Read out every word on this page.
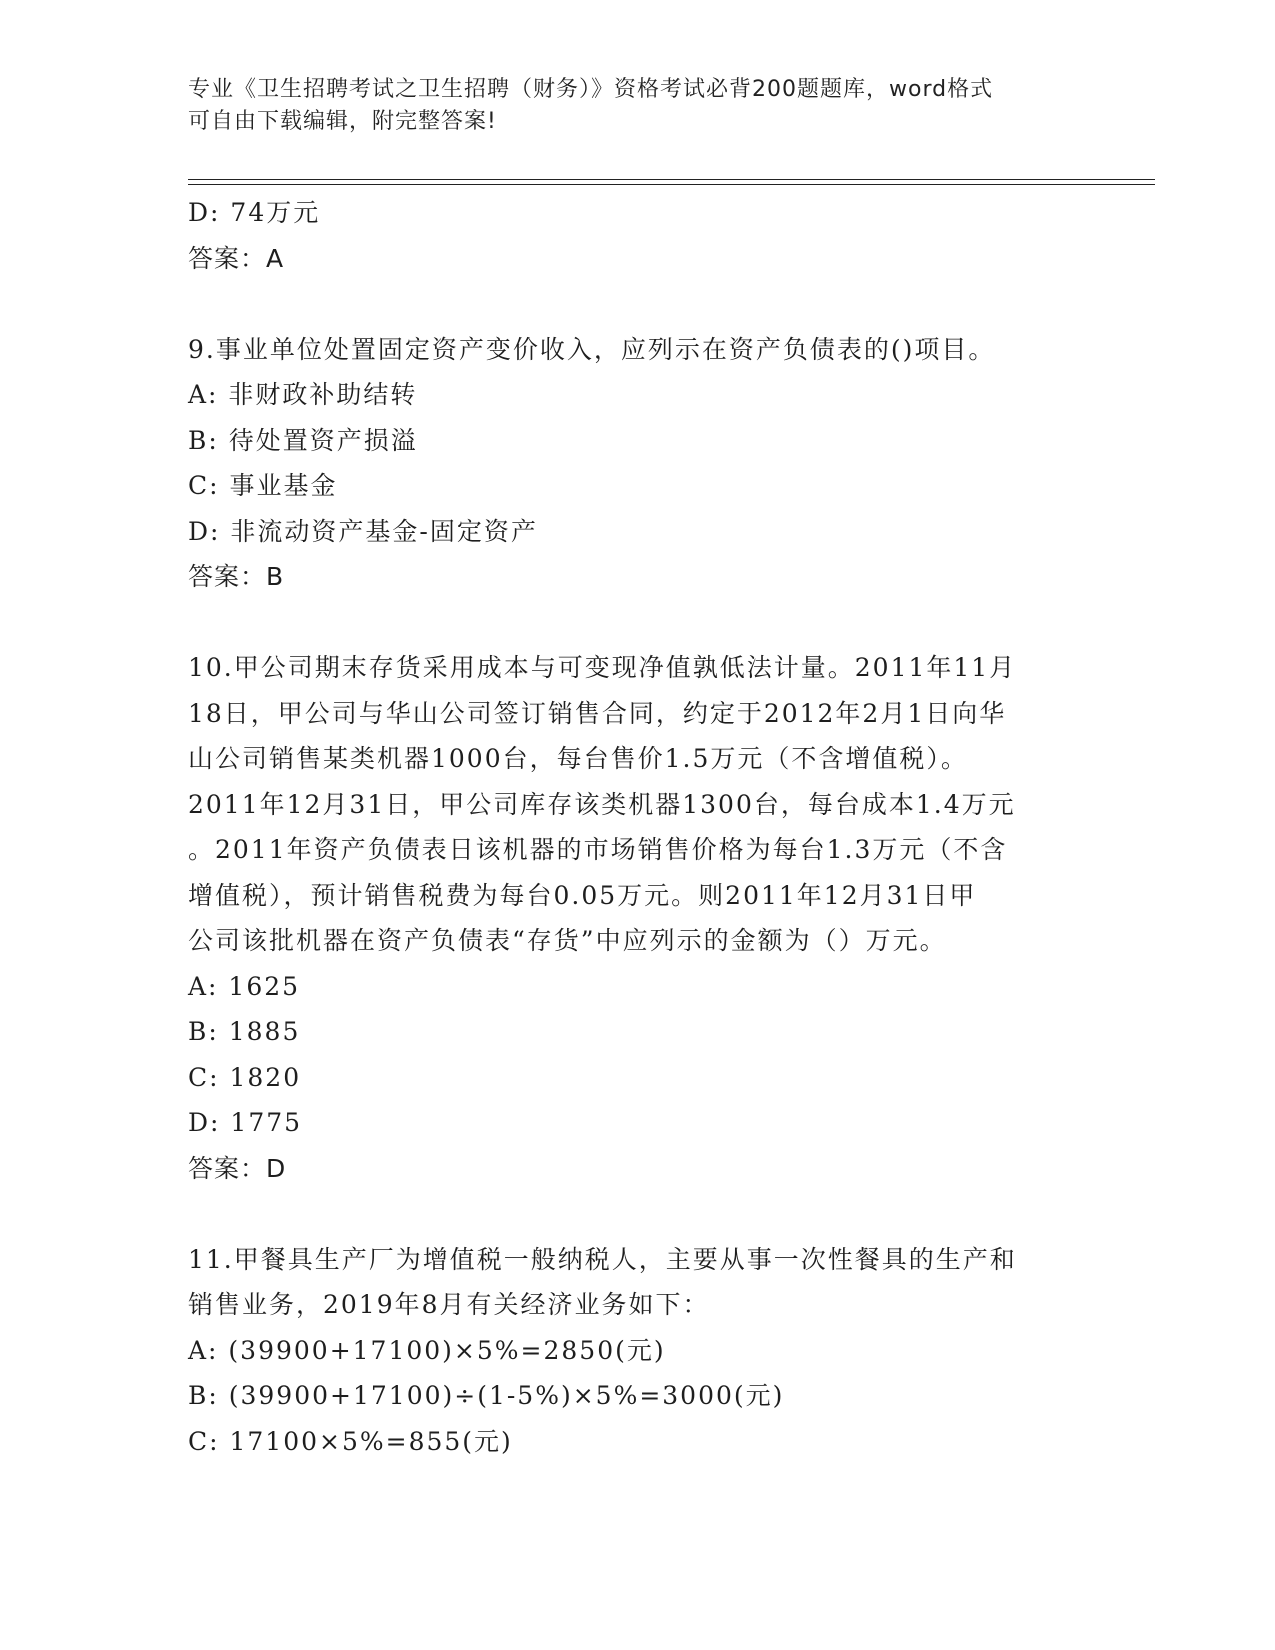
专业《卫生招聘考试之卫生招聘（财务）》资格考试必背200题题库，word格式
可自由下载编辑，附完整答案!
D: 74万元
答案：A
9.事业单位处置固定资产变价收入，应列示在资产负债表的()项目。
A: 非财政补助结转
B: 待处置资产损溢
C: 事业基金
D: 非流动资产基金-固定资产
答案：B
10.甲公司期末存货采用成本与可变现净值孰低法计量。2011年11月
18日，甲公司与华山公司签订销售合同，约定于2012年2月1日向华
山公司销售某类机器1000台，每台售价1.5万元（不含增值税）。
2011年12月31日，甲公司库存该类机器1300台，每台成本1.4万元
。2011年资产负债表日该机器的市场销售价格为每台1.3万元（不含
增值税），预计销售税费为每台0.05万元。则2011年12月31日甲
公司该批机器在资产负债表“存货”中应列示的金额为（）万元。
A: 1625
B: 1885
C: 1820
D: 1775
答案：D
11.甲餐具生产厂为增值税一般纳税人，主要从事一次性餐具的生产和
销售业务，2019年8月有关经济业务如下：
A: (39900+17100)×5%=2850(元)
B: (39900+17100)÷(1-5%)×5%=3000(元)
C: 17100×5%=855(元)
